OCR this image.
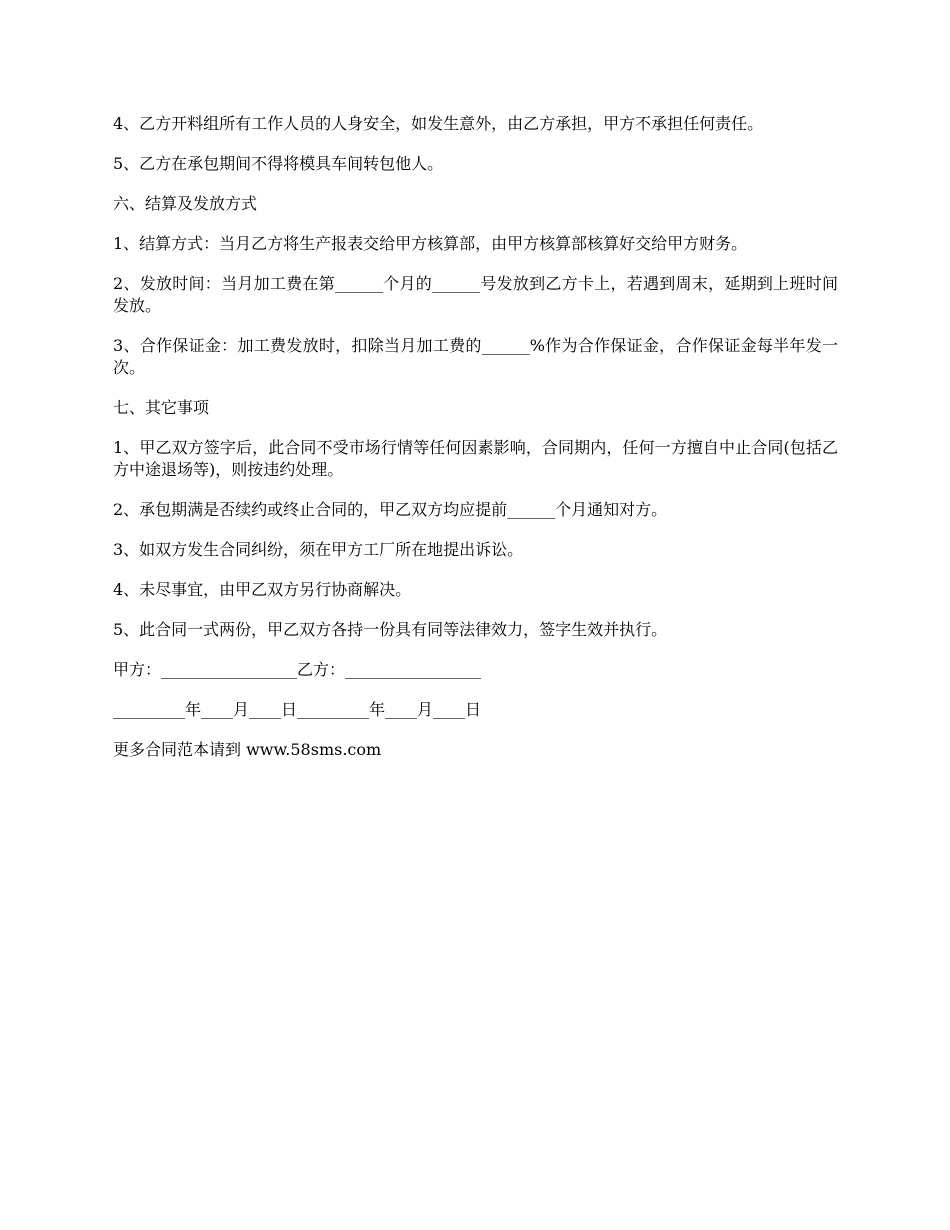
4、乙方开料组所有工作人员的人身安全，如发生意外，由乙方承担，甲方不承担任何责任。

5、乙方在承包期间不得将模具车间转包他人。

六、结算及发放方式

1、结算方式：当月乙方将生产报表交给甲方核算部，由甲方核算部核算好交给甲方财务。

2、发放时间：当月加工费在第______个月的______号发放到乙方卡上，若遇到周末，延期到上班时间发放。

3、合作保证金：加工费发放时，扣除当月加工费的______%作为合作保证金，合作保证金每半年发一次。

七、其它事项

1、甲乙双方签字后，此合同不受市场行情等任何因素影响，合同期内，任何一方擅自中止合同(包括乙方中途退场等)，则按违约处理。

2、承包期满是否续约或终止合同的，甲乙双方均应提前______个月通知对方。

3、如双方发生合同纠纷，须在甲方工厂所在地提出诉讼。

4、未尽事宜，由甲乙双方另行协商解决。

5、此合同一式两份，甲乙双方各持一份具有同等法律效力，签字生效并执行。

甲方：_________________乙方：_________________

_________年____月____日_________年____月____日

更多合同范本请到 www.58sms.com
